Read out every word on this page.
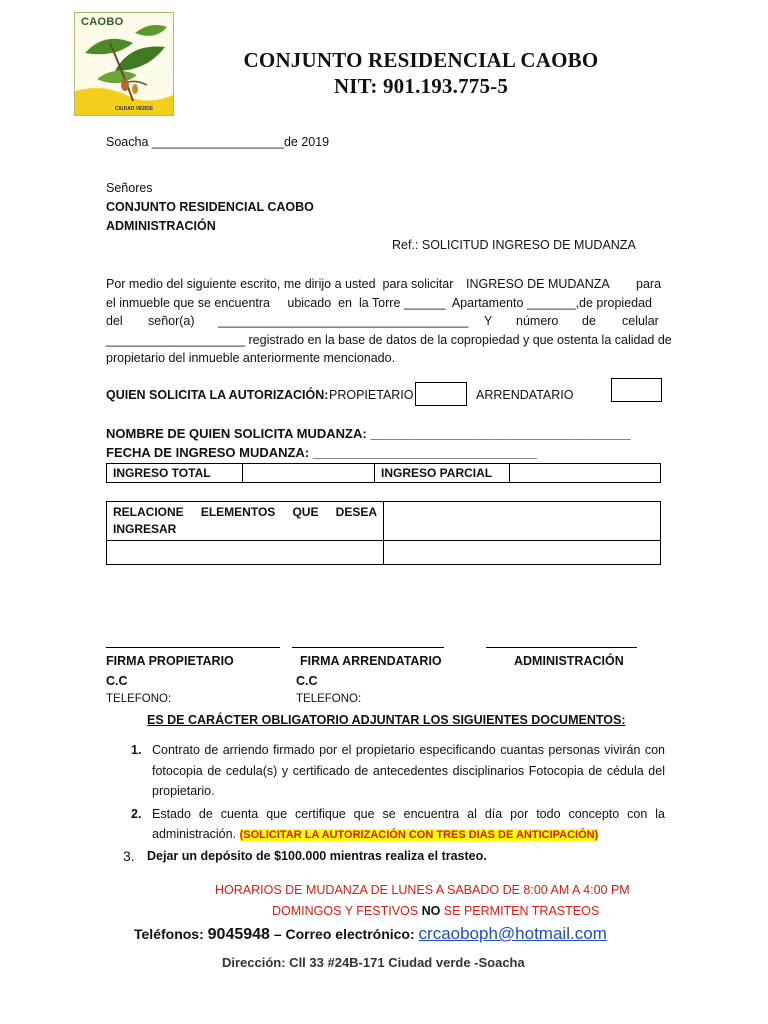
CAOBO
CIUDAD VERDE
CONJUNTO RESIDENCIAL CAOBO
NIT: 901.193.775-5
Soacha ___________________de 2019
Señores
CONJUNTO RESIDENCIAL CAOBO
ADMINISTRACIÓN
Ref.: SOLICITUD INGRESO DE MUDANZA
Por medio del siguiente escrito, me dirijo a usted  para solicitar INGRESO DE MUDANZA para
el inmueble que se encuentra     ubicado  en  la Torre ______  Apartamento _______,de propiedad
del señor(a) ____________________________________ Y número de celular
____________________ registrado en la base de datos de la copropiedad y que ostenta la calidad de
propietario del inmueble anteriormente mencionado.
QUIEN SOLICITA LA AUTORIZACIÓN: PROPIETARIO	ARRENDATARIO
NOMBRE DE QUIEN SOLICITA MUDANZA: ____________________________________
FECHA DE INGRESO MUDANZA: _______________________________
INGRESO TOTAL		INGRESO PARCIAL	
RELACIONE ELEMENTOS QUE DESEA INGRESAR	

FIRMA PROPIETARIO	FIRMA ARRENDATARIO	ADMINISTRACIÓN
C.C	C.C
TELEFONO:	TELEFONO:
ES DE CARÁCTER OBLIGATORIO ADJUNTAR LOS SIGUIENTES DOCUMENTOS:
1. Contrato de arriendo firmado por el propietario especificando cuantas personas vivirán con fotocopia de cedula(s) y certificado de antecedentes disciplinarios Fotocopia de cédula del propietario.
2. Estado de cuenta que certifique que se encuentra al día por todo concepto con la administración. (SOLICITAR LA AUTORIZACIÓN CON TRES DIAS DE ANTICIPACIÓN)
3. Dejar un depósito de $100.000 mientras realiza el trasteo.
HORARIOS DE MUDANZA DE LUNES A SABADO DE 8:00 AM A 4:00 PM
DOMINGOS Y FESTIVOS NO SE PERMITEN TRASTEOS
Teléfonos: 9045948 – Correo electrónico: crcaoboph@hotmail.com
Dirección: Cll 33 #24B-171 Ciudad verde -Soacha
